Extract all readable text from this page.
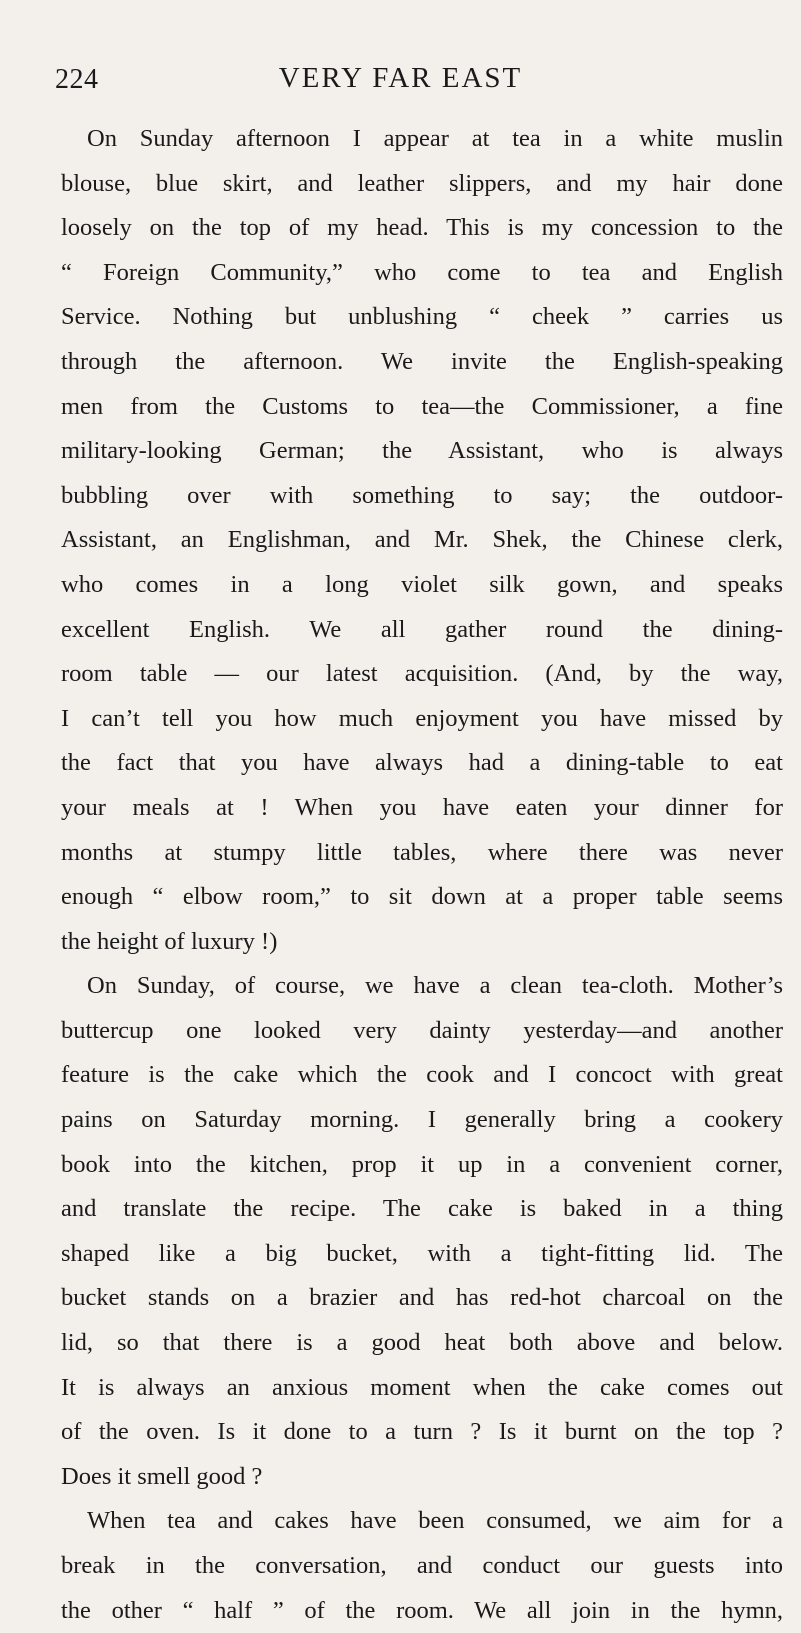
224	VERY FAR EAST
On Sunday afternoon I appear at tea in a white muslin
blouse, blue skirt, and leather slippers, and my hair done
loosely on the top of my head. This is my concession to the
“ Foreign Community,” who come to tea and English
Service. Nothing but unblushing “ cheek ” carries us
through the afternoon. We invite the English-speaking
men from the Customs to tea—the Commissioner, a fine
military-looking German; the Assistant, who is always
bubbling over with something to say; the outdoor-
Assistant, an Englishman, and Mr. Shek, the Chinese clerk,
who comes in a long violet silk gown, and speaks
excellent English. We all gather round the dining-
room table — our latest acquisition. (And, by the way,
I can’t tell you how much enjoyment you have missed by
the fact that you have always had a dining-table to eat
your meals at ! When you have eaten your dinner for
months at stumpy little tables, where there was never
enough “ elbow room,” to sit down at a proper table seems
the height of luxury !)
On Sunday, of course, we have a clean tea-cloth. Mother’s
buttercup one looked very dainty yesterday—and another
feature is the cake which the cook and I concoct with great
pains on Saturday morning. I generally bring a cookery
book into the kitchen, prop it up in a convenient corner,
and translate the recipe. The cake is baked in a thing
shaped like a big bucket, with a tight-fitting lid. The
bucket stands on a brazier and has red-hot charcoal on the
lid, so that there is a good heat both above and below.
It is always an anxious moment when the cake comes out
of the oven. Is it done to a turn ? Is it burnt on the top ?
Does it smell good ?
When tea and cakes have been consumed, we aim for a
break in the conversation, and conduct our guests into
the other “ half ” of the room. We all join in the hymn,
